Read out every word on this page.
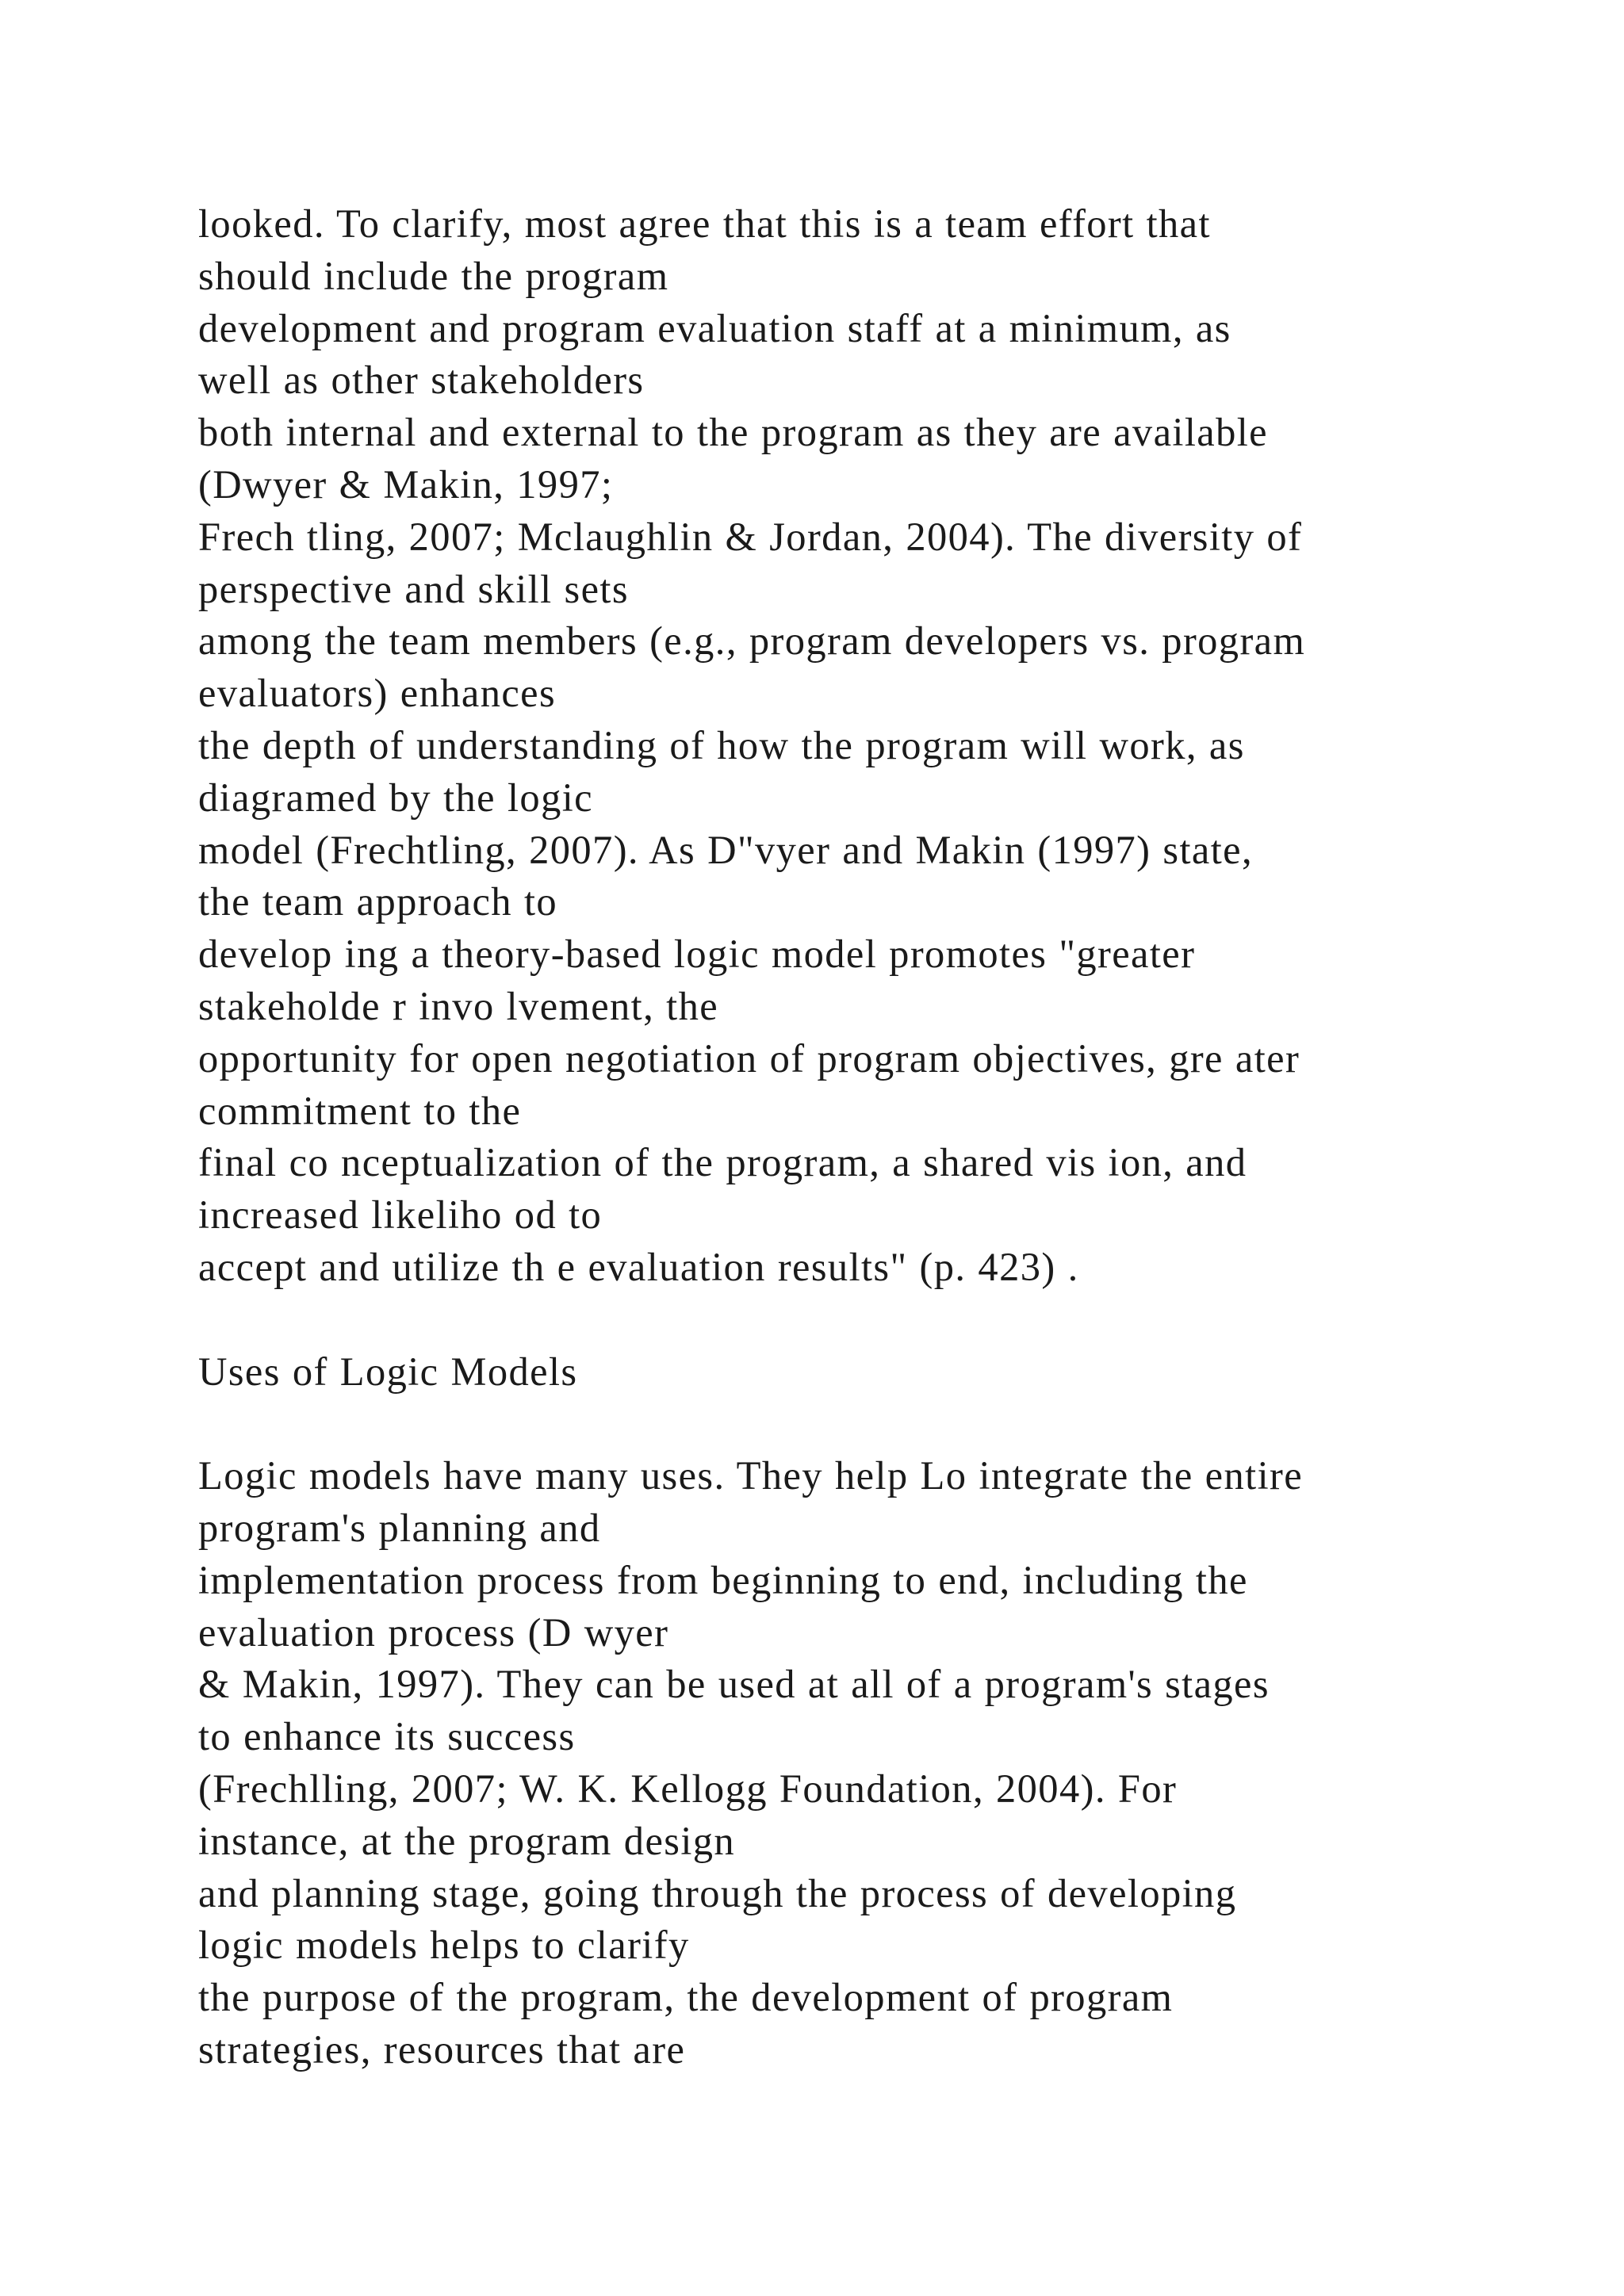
looked. To clarify, most agree that this is a team effort that
should include the program
development and program evaluation staff at a minimum, as
well as other stakeholders
both internal and external to the program as they are available
(Dwyer & Makin, 1997;
Frech tling, 2007; Mclaughlin & Jordan, 2004). The diversity of
perspective and skill sets
among the team members (e.g., program developers vs. program
evaluators) enhances
the depth of understanding of how the program will work, as
diagramed by the logic
model (Frechtling, 2007). As D"vyer and Makin (1997) state,
the team approach to
develop ing a theory-based logic model promotes "greater
stakeholde r invo lvement, the
opportunity for open negotiation of program objectives, gre ater
commitment to the
final co nceptualization of the program, a shared vis ion, and
increased likeliho od to
accept and utilize th e evaluation results" (p. 423) .
Uses of Logic Models
Logic models have many uses. They help Lo integrate the entire
program's planning and
implementation process from beginning to end, including the
evaluation process (D wyer
& Makin, 1997). They can be used at all of a program's stages
to enhance its success
(Frechlling, 2007; W. K. Kellogg Foundation, 2004). For
instance, at the program design
and planning stage, going through the process of developing
logic models helps to clarify
the purpose of the program, the development of program
strategies, resources that are
